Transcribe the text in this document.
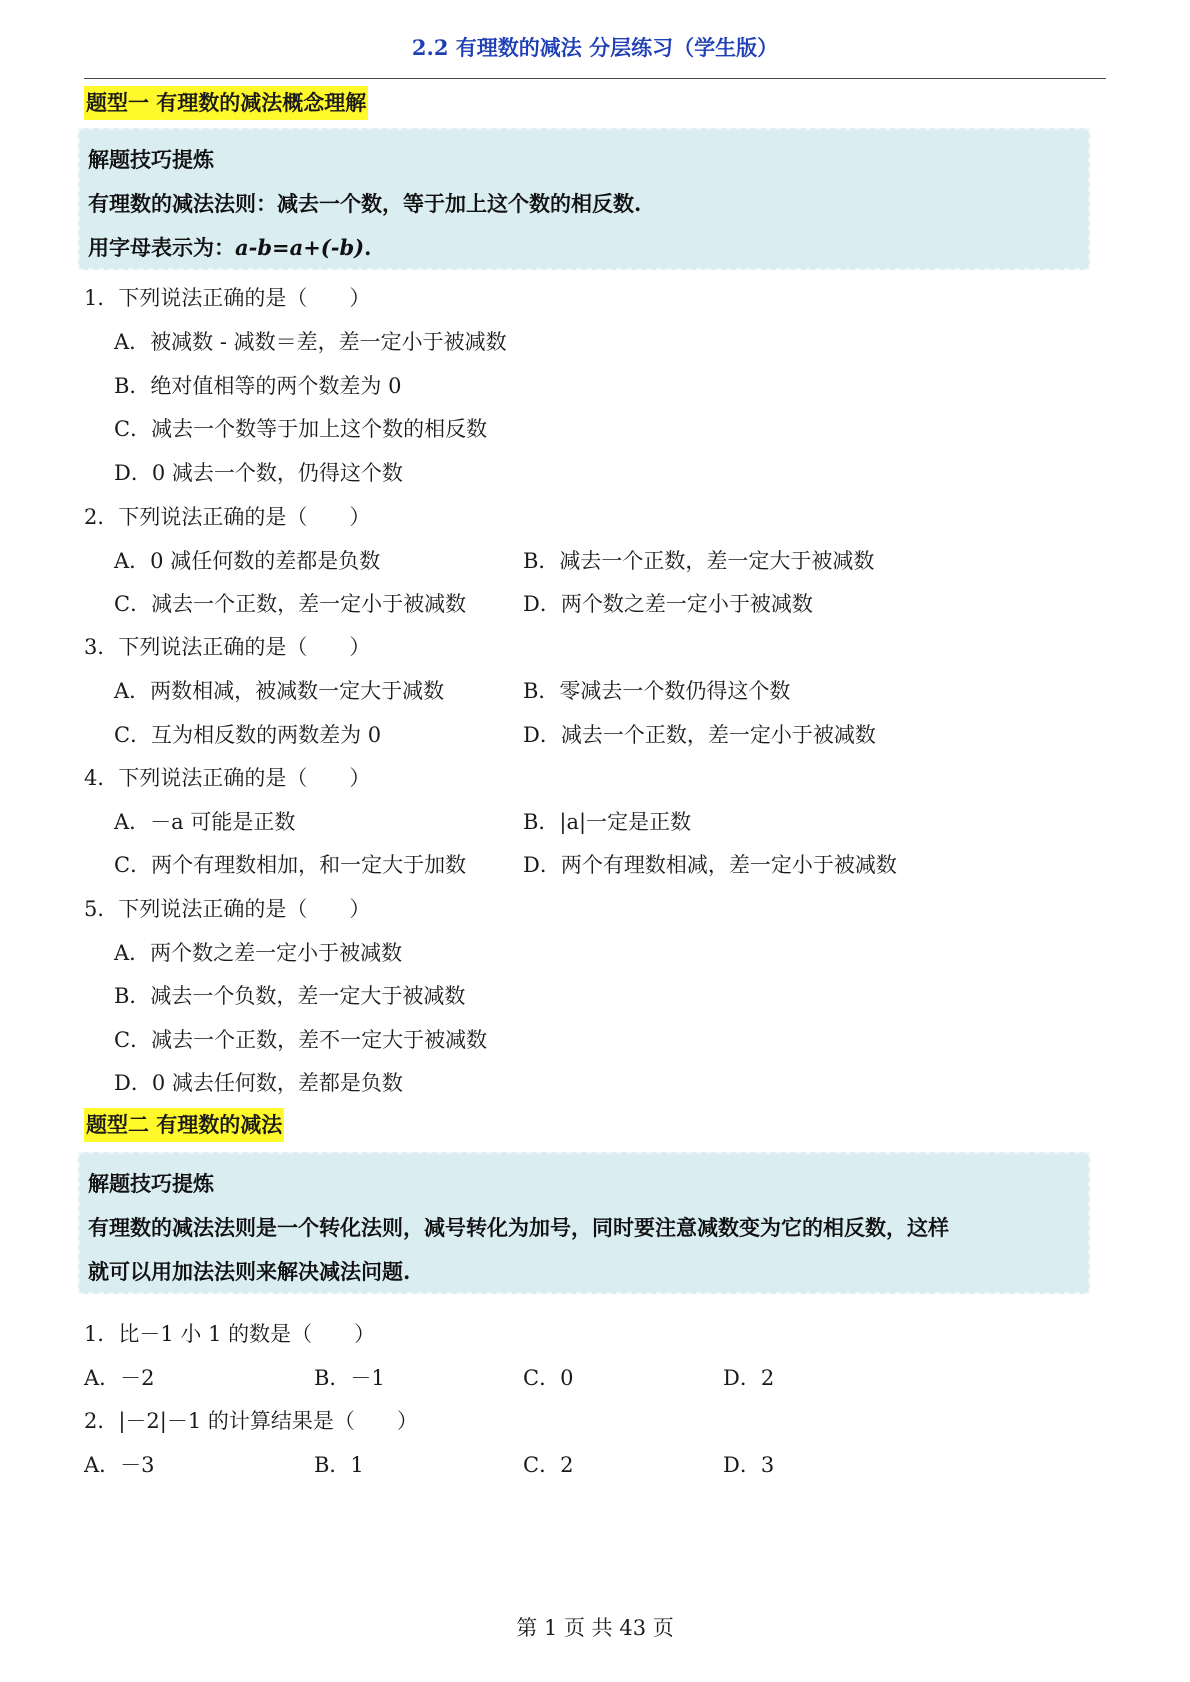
2.2 有理数的减法 分层练习（学生版）
题型一 有理数的减法概念理解
解题技巧提炼
有理数的减法法则：减去一个数，等于加上这个数的相反数.
用字母表示为：a-b=a+(-b).
1．下列说法正确的是（　　）
A．被减数 - 减数＝差，差一定小于被减数
B．绝对值相等的两个数差为 0
C．减去一个数等于加上这个数的相反数
D．0 减去一个数，仍得这个数
2．下列说法正确的是（　　）
A．0 减任何数的差都是负数	B．减去一个正数，差一定大于被减数
C．减去一个正数，差一定小于被减数	D．两个数之差一定小于被减数
3．下列说法正确的是（　　）
A．两数相减，被减数一定大于减数	B．零减去一个数仍得这个数
C．互为相反数的两数差为 0	D．减去一个正数，差一定小于被减数
4．下列说法正确的是（　　）
A．－a 可能是正数	B．|a|一定是正数
C．两个有理数相加，和一定大于加数	D．两个有理数相减，差一定小于被减数
5．下列说法正确的是（　　）
A．两个数之差一定小于被减数
B．减去一个负数，差一定大于被减数
C．减去一个正数，差不一定大于被减数
D．0 减去任何数，差都是负数
题型二 有理数的减法
解题技巧提炼
有理数的减法法则是一个转化法则，减号转化为加号，同时要注意减数变为它的相反数，这样
就可以用加法法则来解决减法问题.
1．比－1 小 1 的数是（　　）
A．－2	B．－1	C．0	D．2
2．|－2|－1 的计算结果是（　　）
A．－3	B．1	C．2	D．3
第 1 页 共 43 页
